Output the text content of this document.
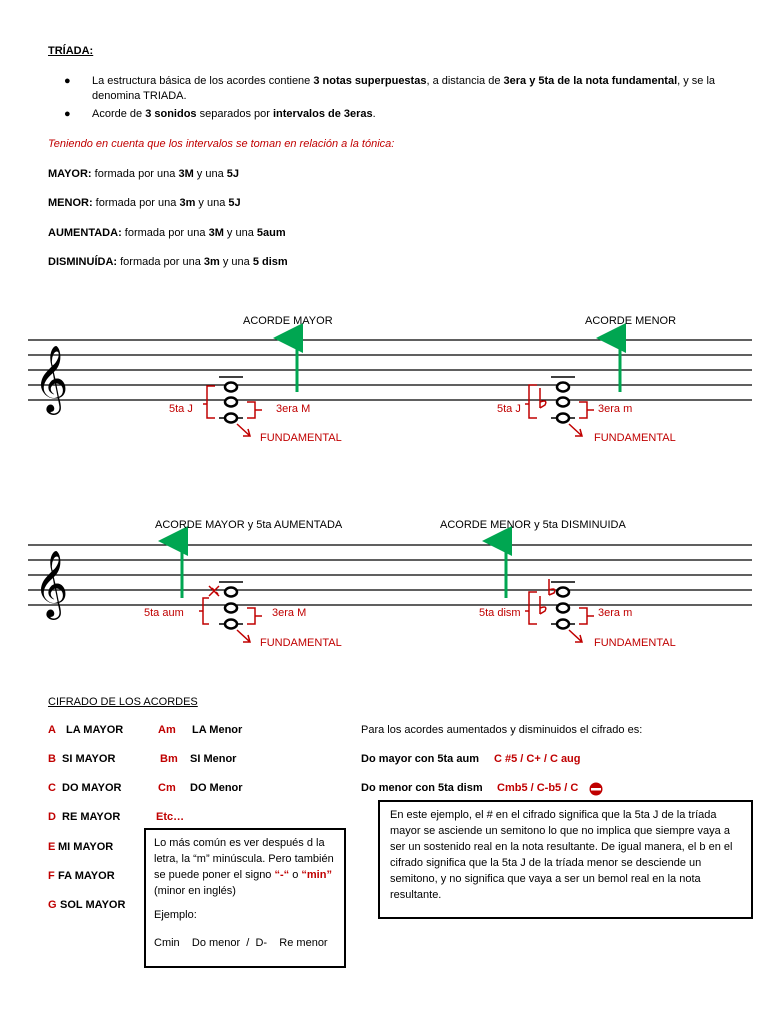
TRÍADA:
● La estructura básica de los acordes contiene 3 notas superpuestas, a distancia de 3era y 5ta de la nota fundamental, y se la denomina TRIADA.
● Acorde de 3 sonidos separados por intervalos de 3eras.
Teniendo en cuenta que los intervalos se toman en relación a la tónica:
MAYOR: formada por una 3M y una 5J
MENOR: formada por una 3m y una 5J
AUMENTADA: formada por una 3M y una 5aum
DISMINUÍDA: formada por una 3m y una 5 dism
𝄞
𝄞
ACORDE MAYOR	ACORDE MENOR
5ta J	3era M
FUNDAMENTAL
5ta J	3era m
FUNDAMENTAL
ACORDE MAYOR y 5ta AUMENTADA	ACORDE MENOR y 5ta DISMINUIDA
5ta aum	3era M
FUNDAMENTAL
5ta dism	3era m
FUNDAMENTAL
CIFRADO DE LOS ACORDES
A LA MAYOR	Am LA Menor
B SI MAYOR	Bm SI Menor
C DO MAYOR	Cm DO Menor
D RE MAYOR	Etc…
E MI MAYOR
F FA MAYOR
G SOL MAYOR
Para los acordes aumentados y disminuidos el cifrado es:
Do mayor con 5ta aum C #5 / C+ / C aug
Do menor con 5ta dism Cmb5 / C-b5 / C
Lo más común es ver después d la letra, la “m” minúscula. Pero también se puede poner el signo “-“ o “min” (minor en inglés)
Ejemplo:
Cmin    Do menor  /  D-    Re menor
En este ejemplo, el # en el cifrado significa que la 5ta J de la tríada mayor se asciende un semitono lo que no implica que siempre vaya a ser un sostenido real en la nota resultante. De igual manera, el b en el cifrado significa que la 5ta J de la tríada menor se desciende un semitono, y no significa que vaya a ser un bemol real en la nota resultante.
